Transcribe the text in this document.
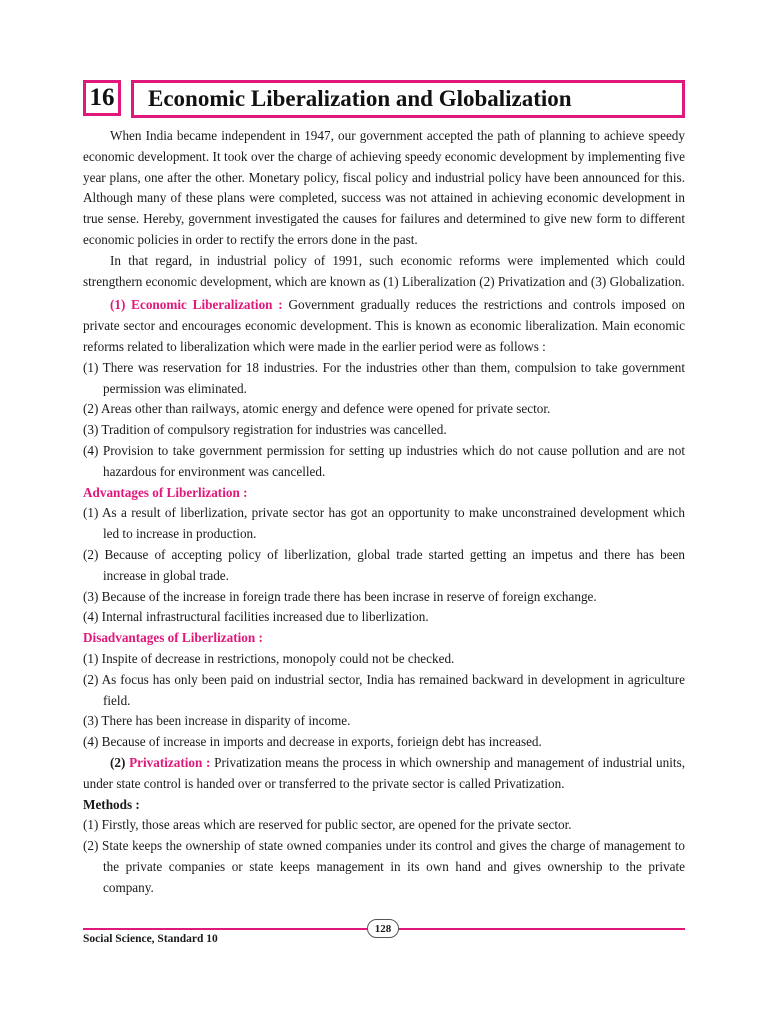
16 Economic Liberalization and Globalization

When India became independent in 1947, our government accepted the path of planning to achieve speedy economic development. It took over the charge of achieving speedy economic development by implementing five year plans, one after the other. Monetary policy, fiscal policy and industrial policy have been announced for this. Although many of these plans were completed, success was not attained in achieving economic development in true sense. Hereby, government investigated the causes for failures and determined to give new form to different economic policies in order to rectify the errors done in the past.

In that regard, in industrial policy of 1991, such economic reforms were implemented which could strengthern economic development, which are known as (1) Liberalization (2) Privatization and (3) Globalization.

(1) Economic Liberalization : Government gradually reduces the restrictions and controls imposed on private sector and encourages economic development. This is known as economic liberalization. Main economic reforms related to liberalization which were made in the earlier period were as follows :

(1) There was reservation for 18 industries. For the industries other than them, compulsion to take government permission was eliminated.

(2) Areas other than railways, atomic energy and defence were opened for private sector.

(3) Tradition of compulsory registration for industries was cancelled.

(4) Provision to take government permission for setting up industries which do not cause pollution and are not hazardous for environment was cancelled.

Advantages of Liberlization :

(1) As a result of liberlization, private sector has got an opportunity to make unconstrained development which led to increase in production.

(2) Because of accepting policy of liberlization, global trade started getting an impetus and there has been increase in global trade.

(3) Because of the increase in foreign trade there has been incrase in reserve of foreign exchange.

(4) Internal infrastructural facilities increased due to liberlization.

Disadvantages of Liberlization :

(1) Inspite of decrease in restrictions, monopoly could not be checked.

(2) As focus has only been paid on industrial sector, India has remained backward in development in agriculture field.

(3) There has been increase in disparity of income.

(4) Because of increase in imports and decrease in exports, forieign debt has increased.

(2) Privatization : Privatization means the process in which ownership and management of industrial units, under state control is handed over or transferred to the private sector is called Privatization.

Methods :

(1) Firstly, those areas which are reserved for public sector, are opened for the private sector.

(2) State keeps the ownership of state owned companies under its control and gives the charge of management to the private companies or state keeps management in its own hand and gives ownership to the private company.

128
Social Science, Standard 10
